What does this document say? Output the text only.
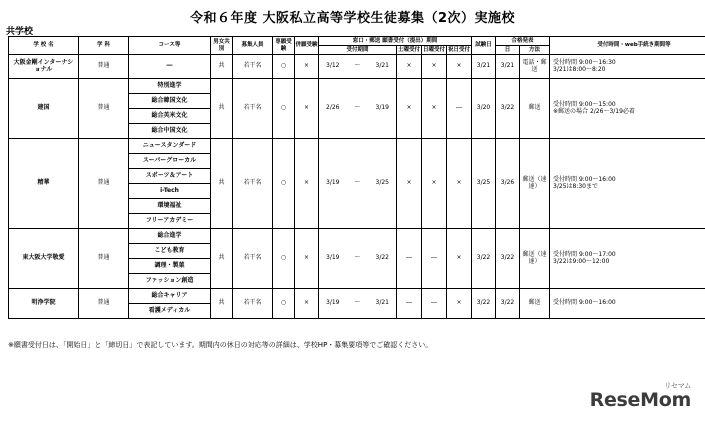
令和６年度 大阪私立高等学校生徒募集（2次）実施校
共学校
学 校 名	学 科	コース等	男女共別	募集人員	専願受験	併願受験	窓口・郵送 願書受付（提出）期間						試験日	合格発表		受付時間・web手続き期間等
							受付期間			土曜受付	日曜受付	祝日受付		日	方法	
大阪金剛インターナショナル	普通	―	共	若干名	○	×	3/12	～	3/21	×	×	×	3/21	3/21	電話・郵送	受付時間 9:00～16:30
3/21は8:00～8:20
建国	普通	特別進学	共	若干名	○	×	2/26	～	3/19	×	×	―	3/20	3/22	郵送	受付時間 9:00～15:00
※郵送の場合 2/26～3/19必着
		総合韓国文化														
		総合英米文化														
		総合中国文化														
精華	普通	ニュースタンダード	共	若干名	○	×	3/19	～	3/25	×	×	×	3/25	3/26	郵送（速達）	受付時間 9:00～16:00
3/25は8:30まで
		スーパーグローカル														
		スポーツ＆アート														
		i-Tech														
		環境福祉														
		フリーアカデミー														
東大阪大学敬愛	普通	総合進学	共	若干名	○	×	3/19	～	3/22	―	―	×	3/22	3/22	郵送（速達）	受付時間 9:00～17:00
3/22は9:00～12:00
		こども教育														
		調理・製菓														
		ファッション創造														
明浄学院	普通	総合キャリア	共	若干名	○	×	3/19	～	3/21	―	―	×	3/22	3/22	郵送	受付時間 9:00～16:00
		看護メディカル														
※願書受付日は、「開始日」と「締切日」で表記しています。期間内の休日の対応等の詳細は、学校HP・募集要項等でご確認ください。
ReseMom
リセマム
